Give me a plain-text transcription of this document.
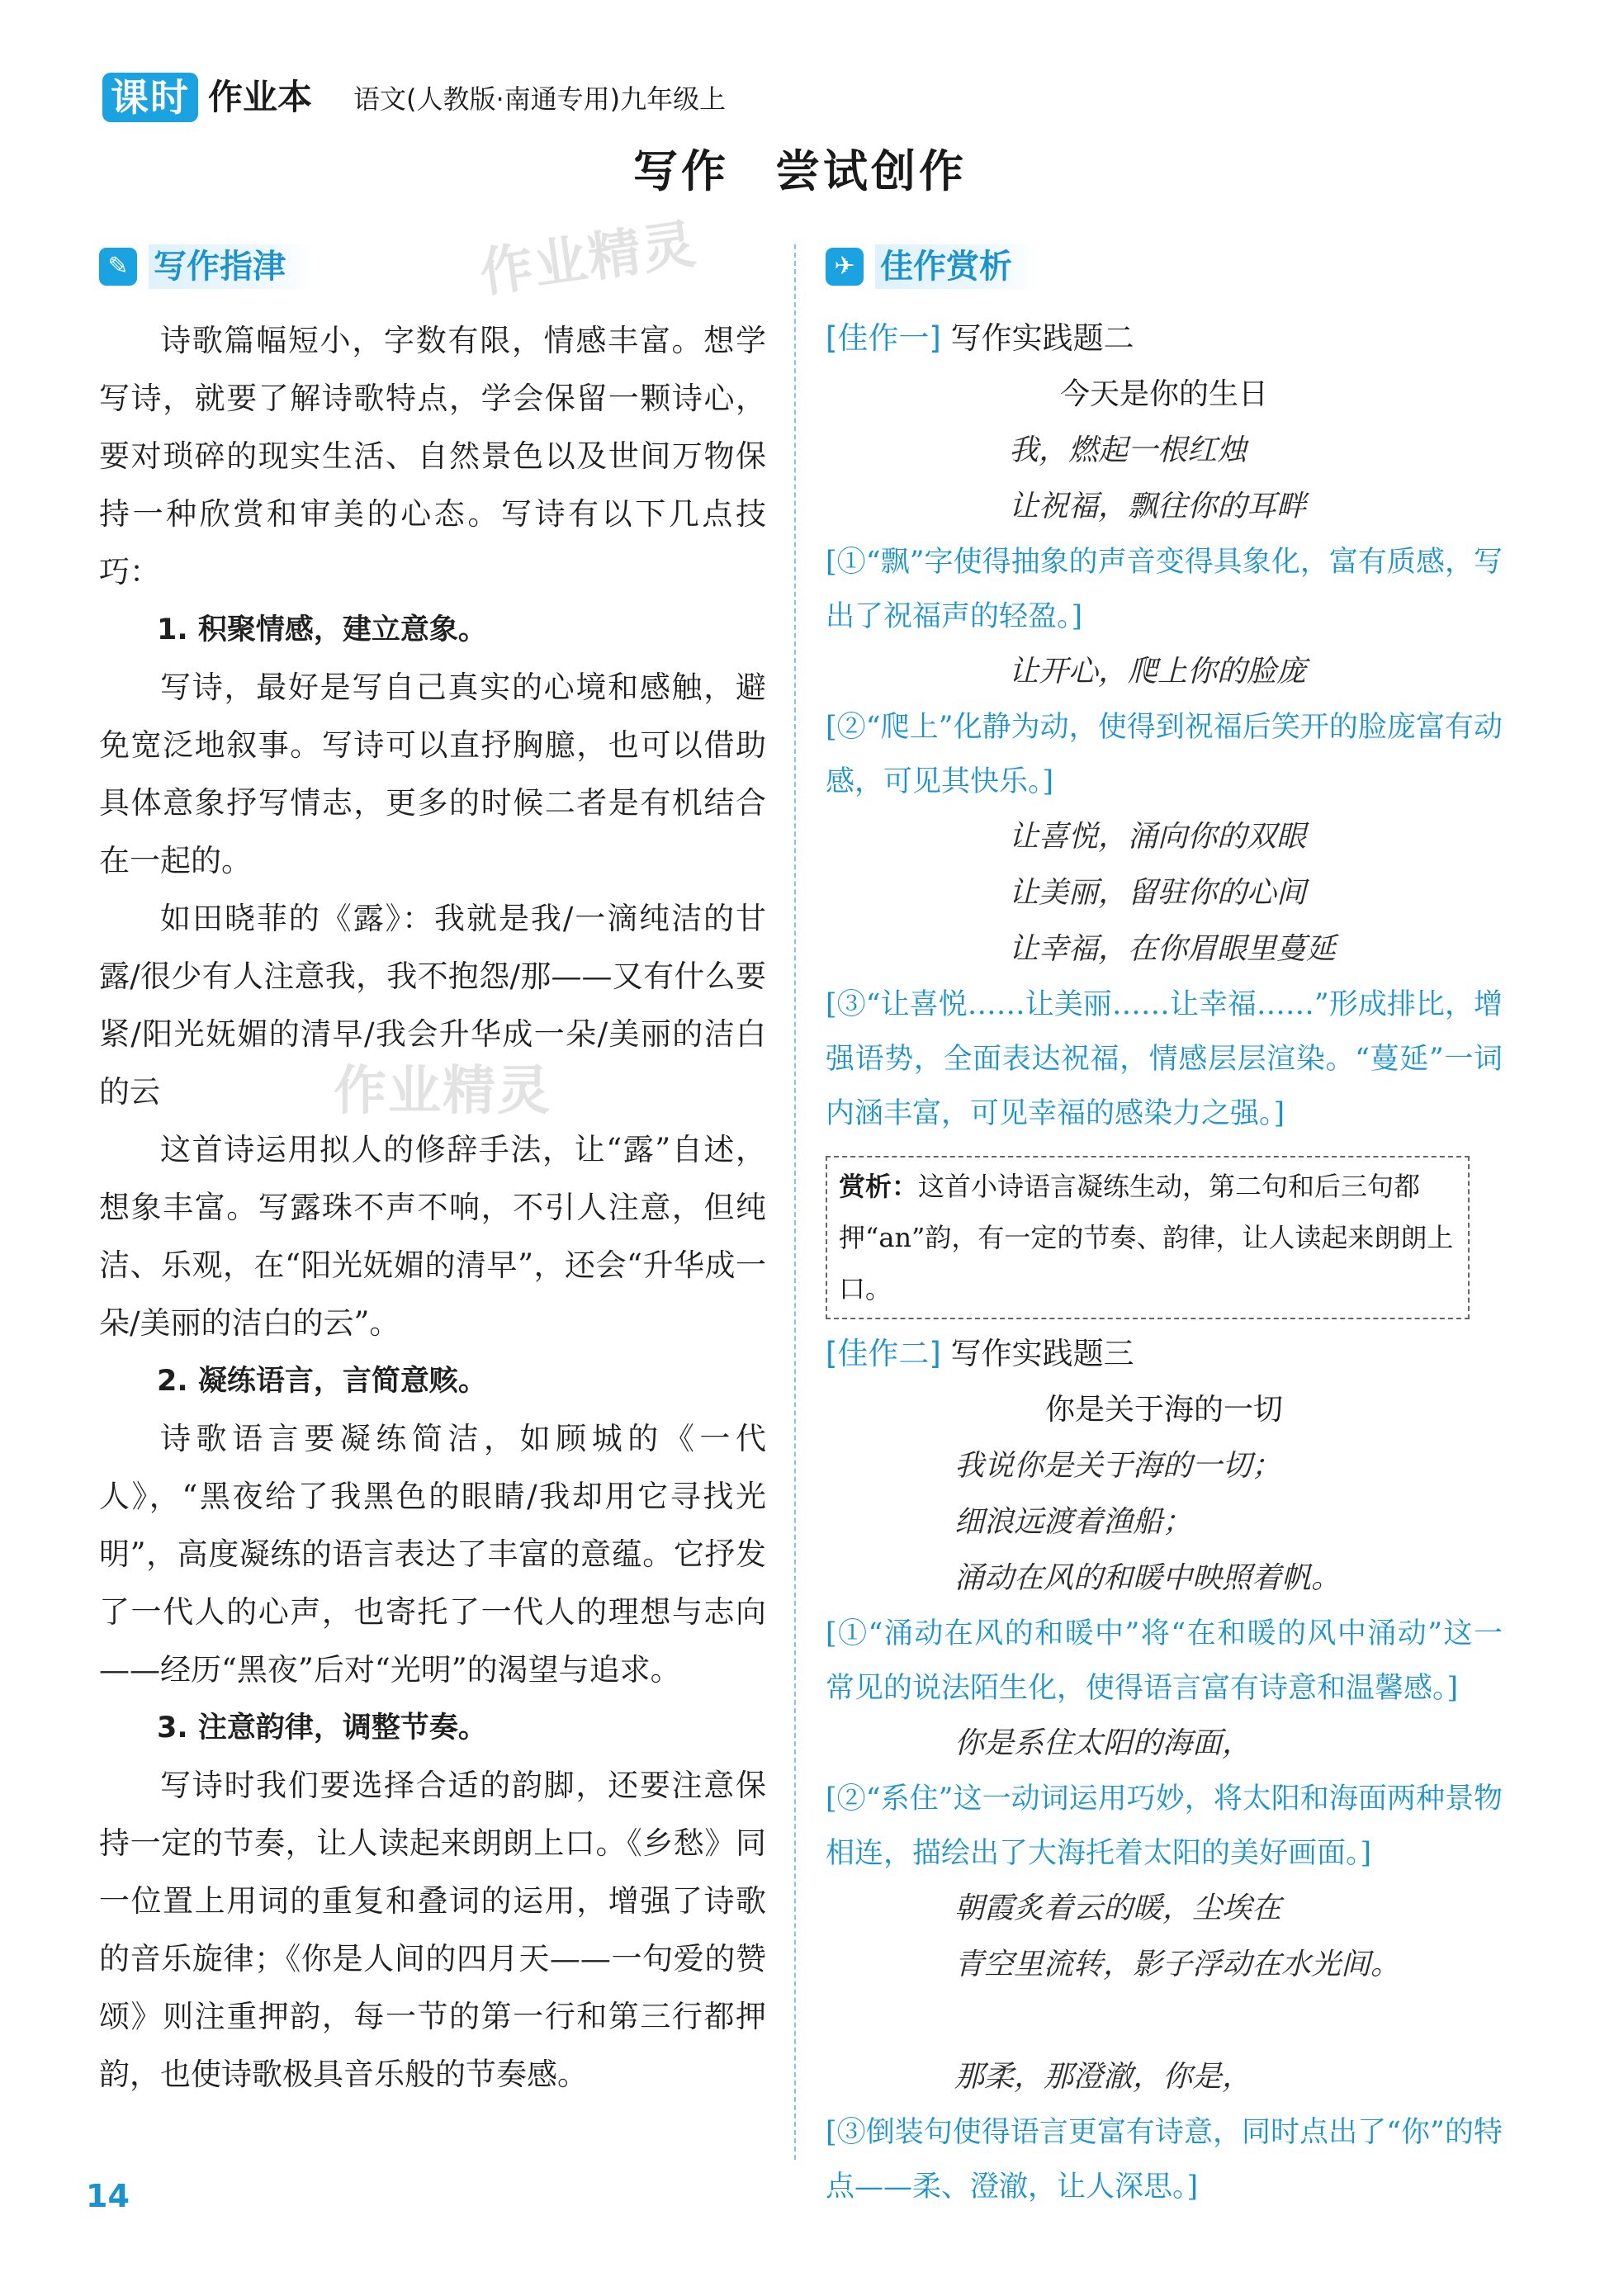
课时 作业本 语文(人教版·南通专用)九年级上
写作 尝试创作
✎ 写作指津	作业精灵
作业精灵

诗歌篇幅短小，字数有限，情感丰富。想学写诗，就要了解诗歌特点，学会保留一颗诗心，要对琐碎的现实生活、自然景色以及世间万物保持一种欣赏和审美的心态。写诗有以下几点技巧：

1. 积聚情感，建立意象。

写诗，最好是写自己真实的心境和感触，避免宽泛地叙事。写诗可以直抒胸臆，也可以借助具体意象抒写情志，更多的时候二者是有机结合在一起的。

如田晓菲的《露》：我就是我/一滴纯洁的甘露/很少有人注意我，我不抱怨/那——又有什么要紧/阳光妩媚的清早/我会升华成一朵/美丽的洁白的云

这首诗运用拟人的修辞手法，让“露”自述，想象丰富。写露珠不声不响，不引人注意，但纯洁、乐观，在“阳光妩媚的清早”，还会“升华成一朵/美丽的洁白的云”。

2. 凝练语言，言简意赅。

诗歌语言要凝练简洁，如顾城的《一代人》，“黑夜给了我黑色的眼睛/我却用它寻找光明”，高度凝练的语言表达了丰富的意蕴。它抒发了一代人的心声，也寄托了一代人的理想与志向——经历“黑夜”后对“光明”的渴望与追求。

3. 注意韵律，调整节奏。

写诗时我们要选择合适的韵脚，还要注意保持一定的节奏，让人读起来朗朗上口。《乡愁》同一位置上用词的重复和叠词的运用，增强了诗歌的音乐旋律；《你是人间的四月天——一句爱的赞颂》则注重押韵，每一节的第一行和第三行都押韵，也使诗歌极具音乐般的节奏感。

✈ 佳作赏析
[佳作一] 写作实践题二
今天是你的生日
我，燃起一根红烛
让祝福，飘往你的耳畔

[①“飘”字使得抽象的声音变得具象化，富有质感，写出了祝福声的轻盈。]

让开心，爬上你的脸庞

[②“爬上”化静为动，使得到祝福后笑开的脸庞富有动感，可见其快乐。]

让喜悦，涌向你的双眼
让美丽，留驻你的心间
让幸福，在你眉眼里蔓延

[③“让喜悦……让美丽……让幸福……”形成排比，增强语势，全面表达祝福，情感层层渲染。“蔓延”一词内涵丰富，可见幸福的感染力之强。]

赏析：这首小诗语言凝练生动，第二句和后三句都押“an”韵，有一定的节奏、韵律，让人读起来朗朗上口。
[佳作二] 写作实践题三
你是关于海的一切
我说你是关于海的一切；
细浪远渡着渔船；
涌动在风的和暖中映照着帆。

[①“涌动在风的和暖中”将“在和暖的风中涌动”这一常见的说法陌生化，使得语言富有诗意和温馨感。]

你是系住太阳的海面，

[②“系住”这一动词运用巧妙，将太阳和海面两种景物相连，描绘出了大海托着太阳的美好画面。]

朝霞炙着云的暖，尘埃在
青空里流转，影子浮动在水光间。
那柔，那澄澈，你是，

[③倒装句使得语言更富有诗意，同时点出了“你”的特点——柔、澄澈，让人深思。]

14
